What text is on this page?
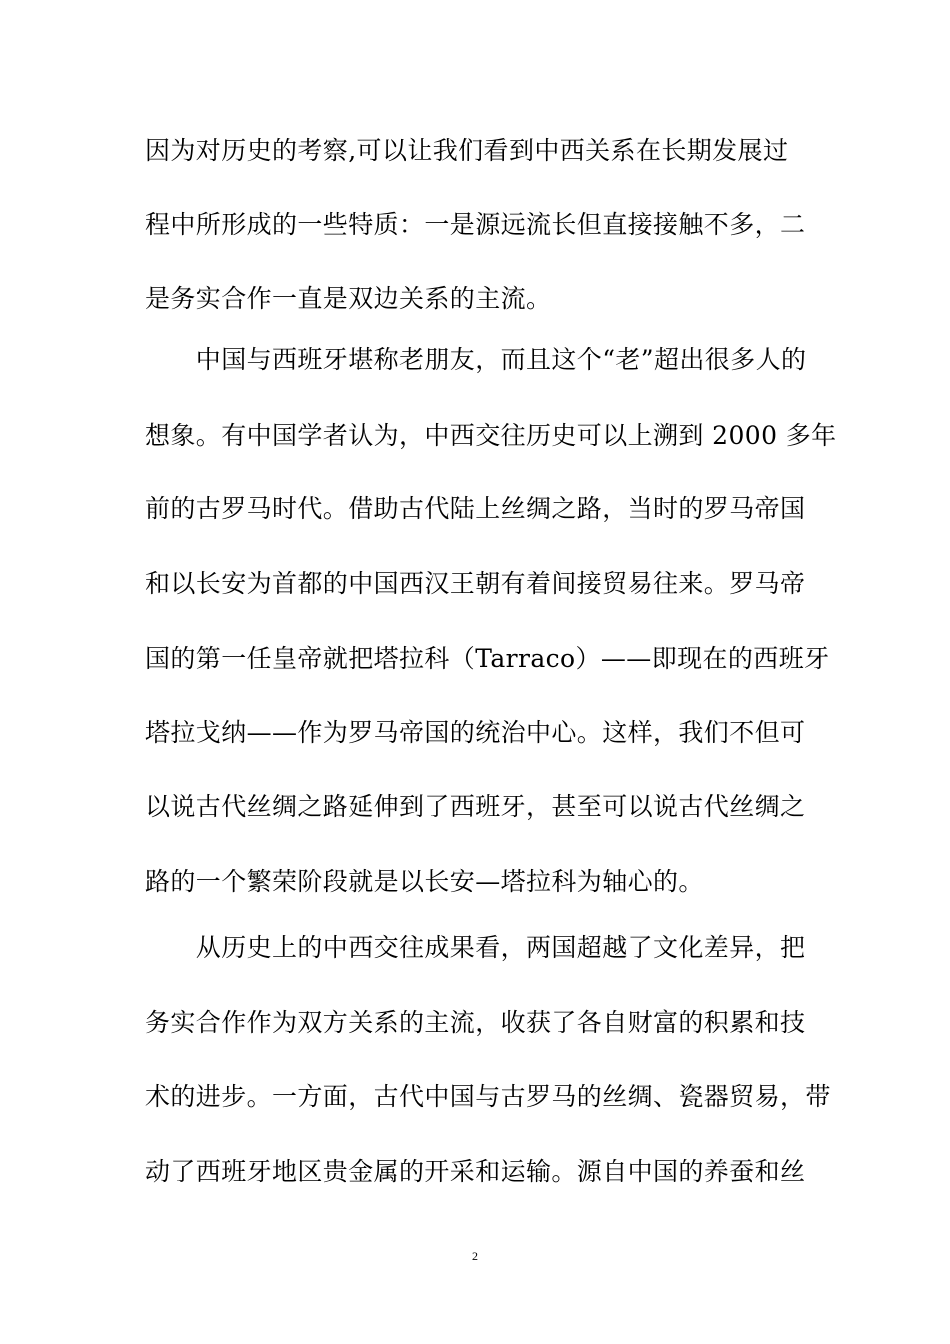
因为对历史的考察,可以让我们看到中西关系在长期发展过
程中所形成的一些特质：一是源远流长但直接接触不多，二
是务实合作一直是双边关系的主流。
　　中国与西班牙堪称老朋友，而且这个“老”超出很多人的
想象。有中国学者认为，中西交往历史可以上溯到 2000 多年
前的古罗马时代。借助古代陆上丝绸之路，当时的罗马帝国
和以长安为首都的中国西汉王朝有着间接贸易往来。罗马帝
国的第一任皇帝就把塔拉科（Tarraco）——即现在的西班牙
塔拉戈纳——作为罗马帝国的统治中心。这样，我们不但可
以说古代丝绸之路延伸到了西班牙，甚至可以说古代丝绸之
路的一个繁荣阶段就是以长安—塔拉科为轴心的。
　　从历史上的中西交往成果看，两国超越了文化差异，把
务实合作作为双方关系的主流，收获了各自财富的积累和技
术的进步。一方面，古代中国与古罗马的丝绸、瓷器贸易，带
动了西班牙地区贵金属的开采和运输。源自中国的养蚕和丝
2
